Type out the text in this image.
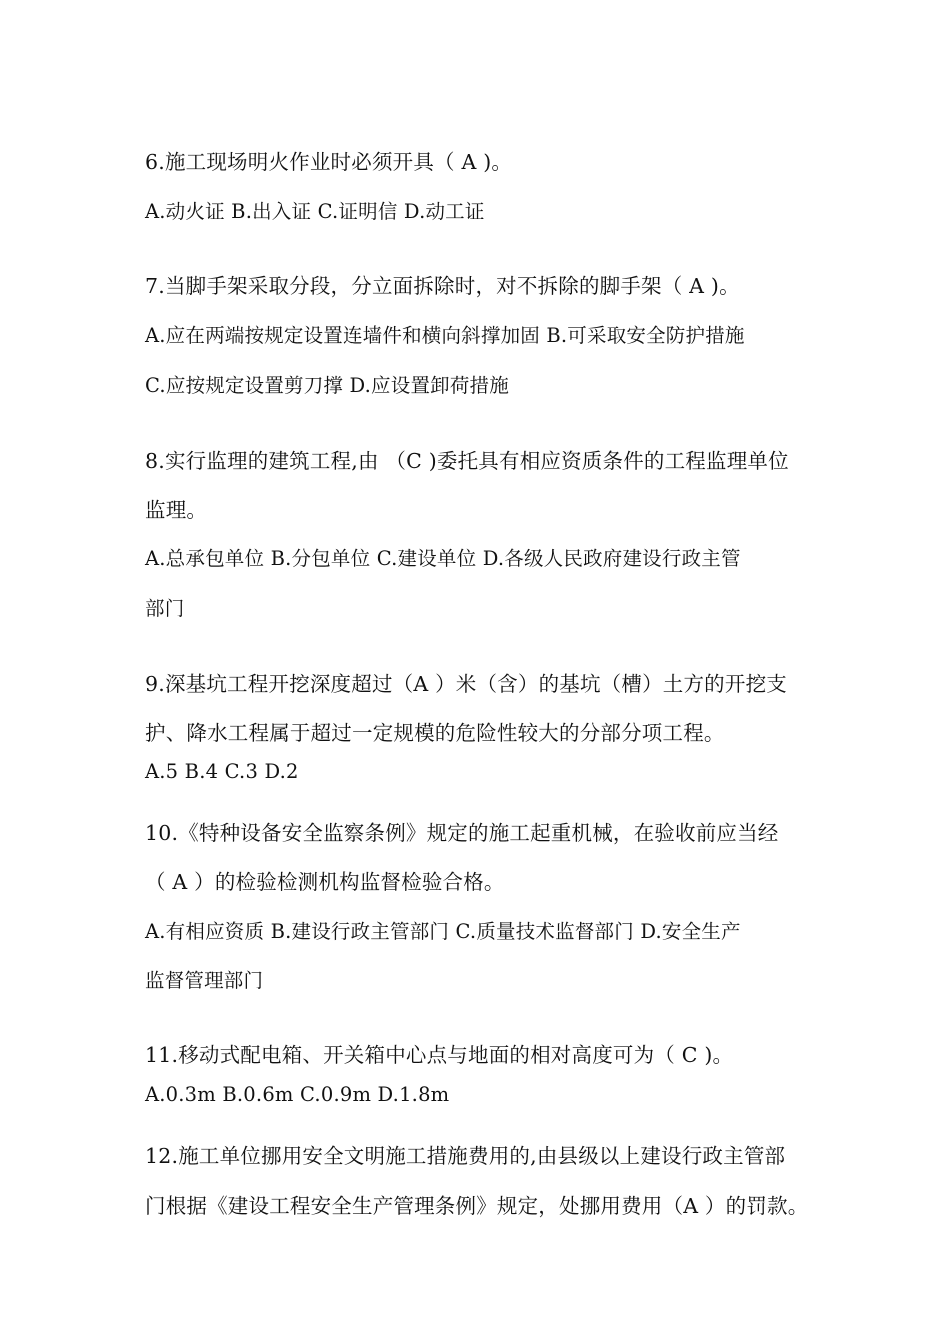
6.施工现场明火作业时必须开具（ A )。
A.动火证 B.出入证 C.证明信 D.动工证
7.当脚手架采取分段，分立面拆除时，对不拆除的脚手架（ A )。
A.应在两端按规定设置连墙件和横向斜撑加固 B.可采取安全防护措施
C.应按规定设置剪刀撑 D.应设置卸荷措施
8.实行监理的建筑工程,由 （C )委托具有相应资质条件的工程监理单位
监理。
A.总承包单位 B.分包单位 C.建设单位 D.各级人民政府建设行政主管
部门
9.深基坑工程开挖深度超过（A ）米（含）的基坑（槽）土方的开挖支
护、降水工程属于超过一定规模的危险性较大的分部分项工程。
A.5 B.4 C.3 D.2
10.《特种设备安全监察条例》规定的施工起重机械，在验收前应当经
（ A ）的检验检测机构监督检验合格。
A.有相应资质 B.建设行政主管部门 C.质量技术监督部门 D.安全生产
监督管理部门
11.移动式配电箱、开关箱中心点与地面的相对高度可为（ C )。
A.0.3m B.0.6m C.0.9m D.1.8m
12.施工单位挪用安全文明施工措施费用的,由县级以上建设行政主管部
门根据《建设工程安全生产管理条例》规定，处挪用费用（A ）的罚款。
